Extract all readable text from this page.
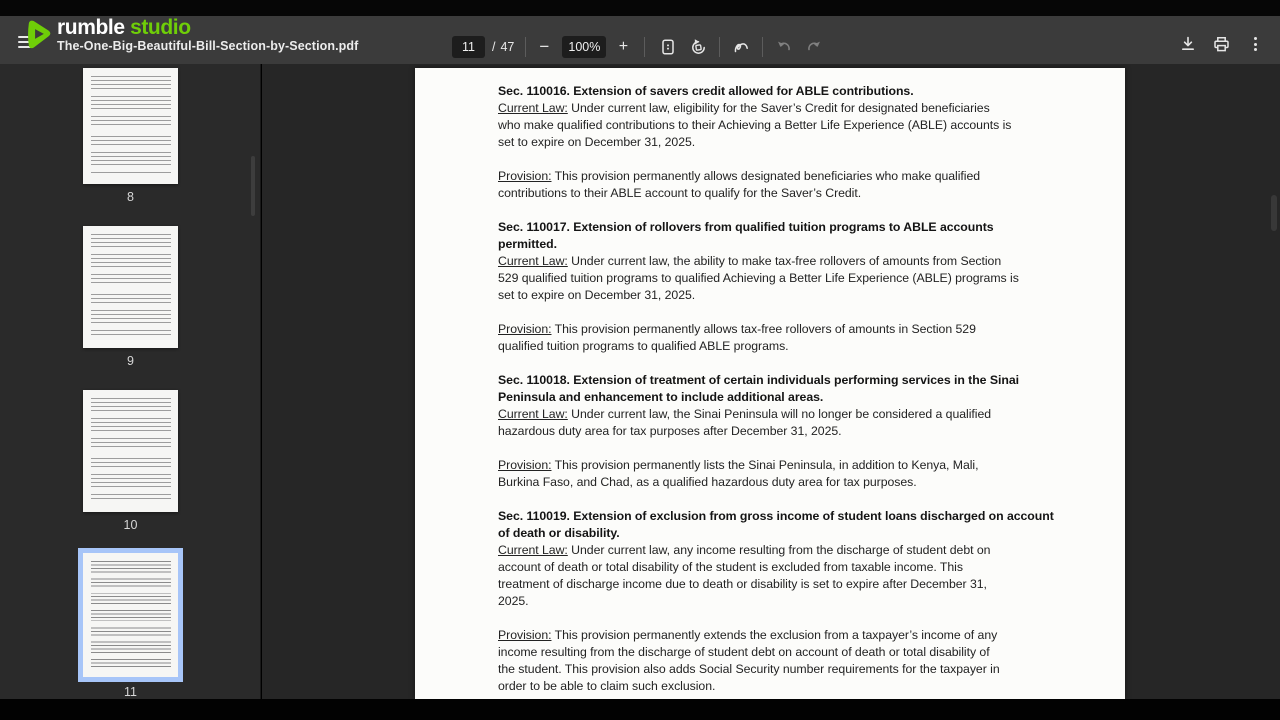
rumble studio
The-One-Big-Beautiful-Bill-Section-by-Section.pdf	11	/ 47 −	100%	+
8
9
10
11
Sec. 110016. Extension of savers credit allowed for ABLE contributions.
Current Law: Under current law, eligibility for the Saver’s Credit for designated beneficiaries
who make qualified contributions to their Achieving a Better Life Experience (ABLE) accounts is
set to expire on December 31, 2025.
Provision: This provision permanently allows designated beneficiaries who make qualified
contributions to their ABLE account to qualify for the Saver’s Credit.
Sec. 110017. Extension of rollovers from qualified tuition programs to ABLE accounts
permitted.
Current Law: Under current law, the ability to make tax-free rollovers of amounts from Section
529 qualified tuition programs to qualified Achieving a Better Life Experience (ABLE) programs is
set to expire on December 31, 2025.
Provision: This provision permanently allows tax-free rollovers of amounts in Section 529
qualified tuition programs to qualified ABLE programs.
Sec. 110018. Extension of treatment of certain individuals performing services in the Sinai
Peninsula and enhancement to include additional areas.
Current Law: Under current law, the Sinai Peninsula will no longer be considered a qualified
hazardous duty area for tax purposes after December 31, 2025.
Provision: This provision permanently lists the Sinai Peninsula, in addition to Kenya, Mali,
Burkina Faso, and Chad, as a qualified hazardous duty area for tax purposes.
Sec. 110019. Extension of exclusion from gross income of student loans discharged on account
of death or disability.
Current Law: Under current law, any income resulting from the discharge of student debt on
account of death or total disability of the student is excluded from taxable income. This
treatment of discharge income due to death or disability is set to expire after December 31,
2025.
Provision: This provision permanently extends the exclusion from a taxpayer’s income of any
income resulting from the discharge of student debt on account of death or total disability of
the student. This provision also adds Social Security number requirements for the taxpayer in
order to be able to claim such exclusion.
